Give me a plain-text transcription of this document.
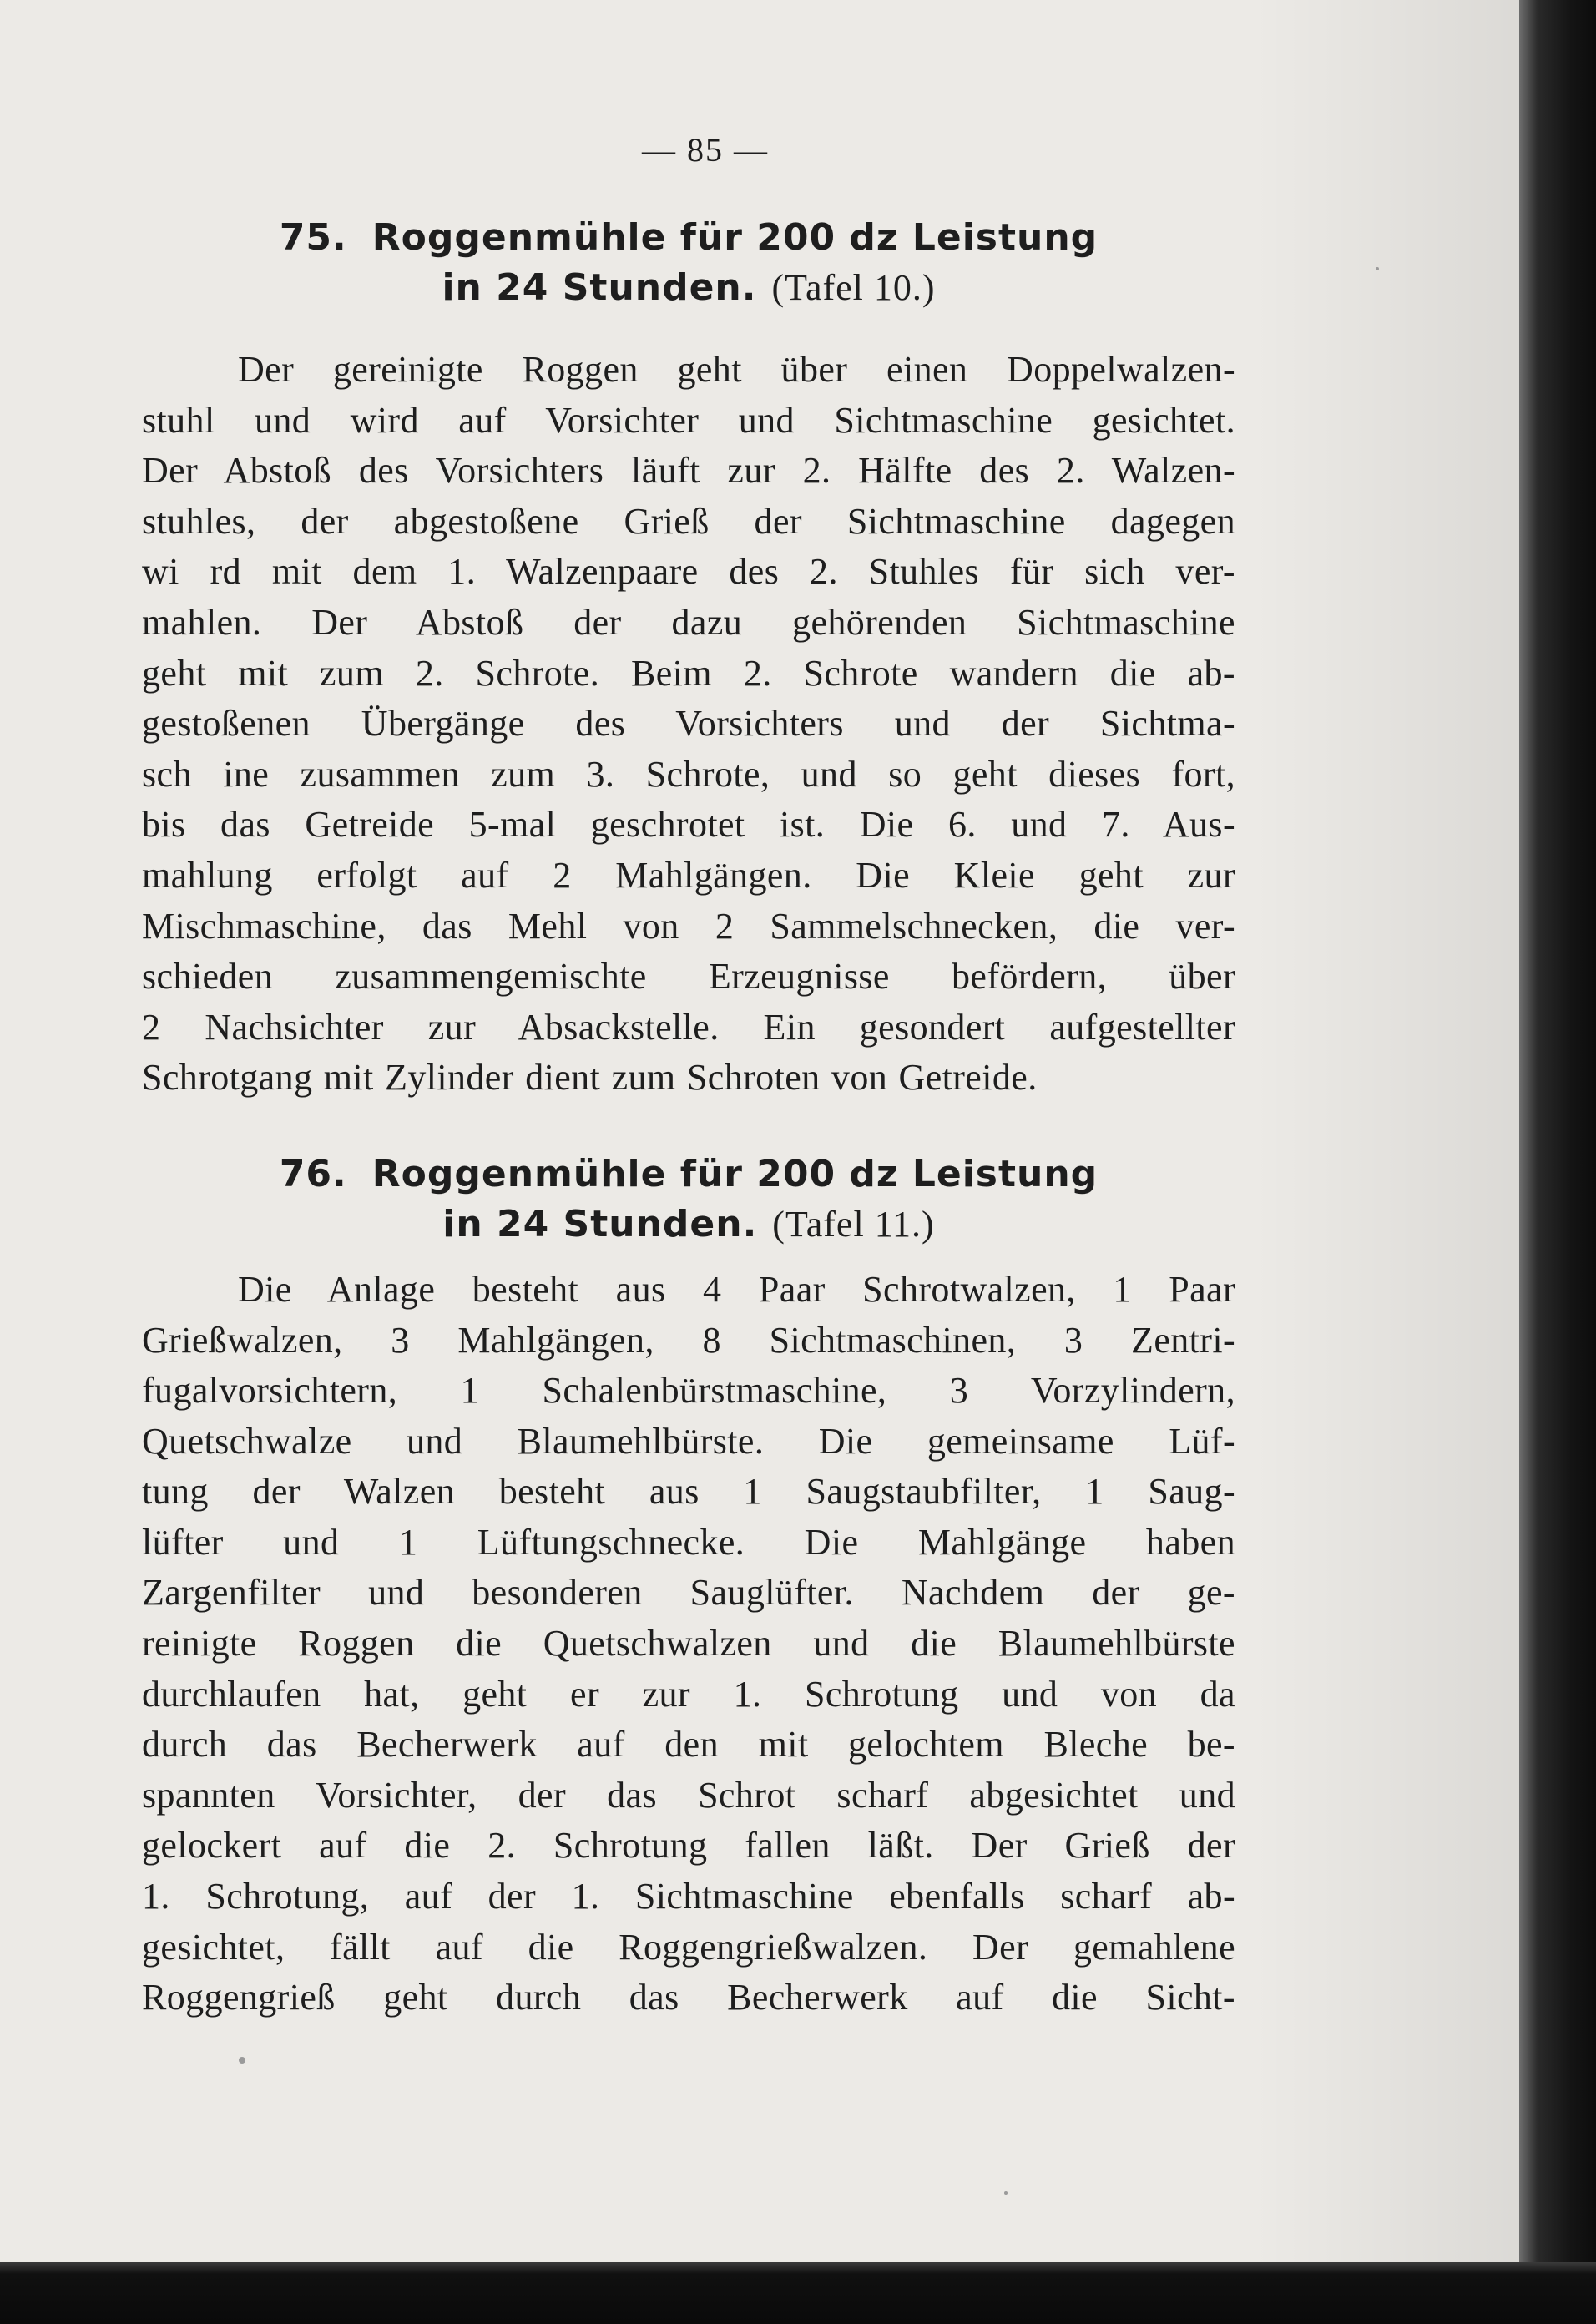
— 85 —
75. Roggenmühle für 200 dz Leistung
in 24 Stunden. (Tafel 10.)
Der gereinigte Roggen geht über einen Doppelwalzen-
stuhl und wird auf Vorsichter und Sichtmaschine gesichtet.
Der Abstoß des Vorsichters läuft zur 2. Hälfte des 2. Walzen-
stuhles, der abgestoßene Grieß der Sichtmaschine dagegen
wi rd mit dem 1. Walzenpaare des 2. Stuhles für sich ver-
mahlen. Der Abstoß der dazu gehörenden Sichtmaschine
geht mit zum 2. Schrote. Beim 2. Schrote wandern die ab-
gestoßenen Übergänge des Vorsichters und der Sichtma-
sch ine zusammen zum 3. Schrote, und so geht dieses fort,
bis das Getreide 5-mal geschrotet ist. Die 6. und 7. Aus-
mahlung erfolgt auf 2 Mahlgängen. Die Kleie geht zur
Mischmaschine, das Mehl von 2 Sammelschnecken, die ver-
schieden zusammengemischte Erzeugnisse befördern, über
2 Nachsichter zur Absackstelle. Ein gesondert aufgestellter
Schrotgang mit Zylinder dient zum Schroten von Getreide.
76. Roggenmühle für 200 dz Leistung
in 24 Stunden. (Tafel 11.)
Die Anlage besteht aus 4 Paar Schrotwalzen, 1 Paar
Grießwalzen, 3 Mahlgängen, 8 Sichtmaschinen, 3 Zentri-
fugalvorsichtern, 1 Schalenbürstmaschine, 3 Vorzylindern,
Quetschwalze und Blaumehlbürste. Die gemeinsame Lüf-
tung der Walzen besteht aus 1 Saugstaubfilter, 1 Saug-
lüfter und 1 Lüftungschnecke. Die Mahlgänge haben
Zargenfilter und besonderen Sauglüfter. Nachdem der ge-
reinigte Roggen die Quetschwalzen und die Blaumehlbürste
durchlaufen hat, geht er zur 1. Schrotung und von da
durch das Becherwerk auf den mit gelochtem Bleche be-
spannten Vorsichter, der das Schrot scharf abgesichtet und
gelockert auf die 2. Schrotung fallen läßt. Der Grieß der
1. Schrotung, auf der 1. Sichtmaschine ebenfalls scharf ab-
gesichtet, fällt auf die Roggengrießwalzen. Der gemahlene
Roggengrieß geht durch das Becherwerk auf die Sicht-
